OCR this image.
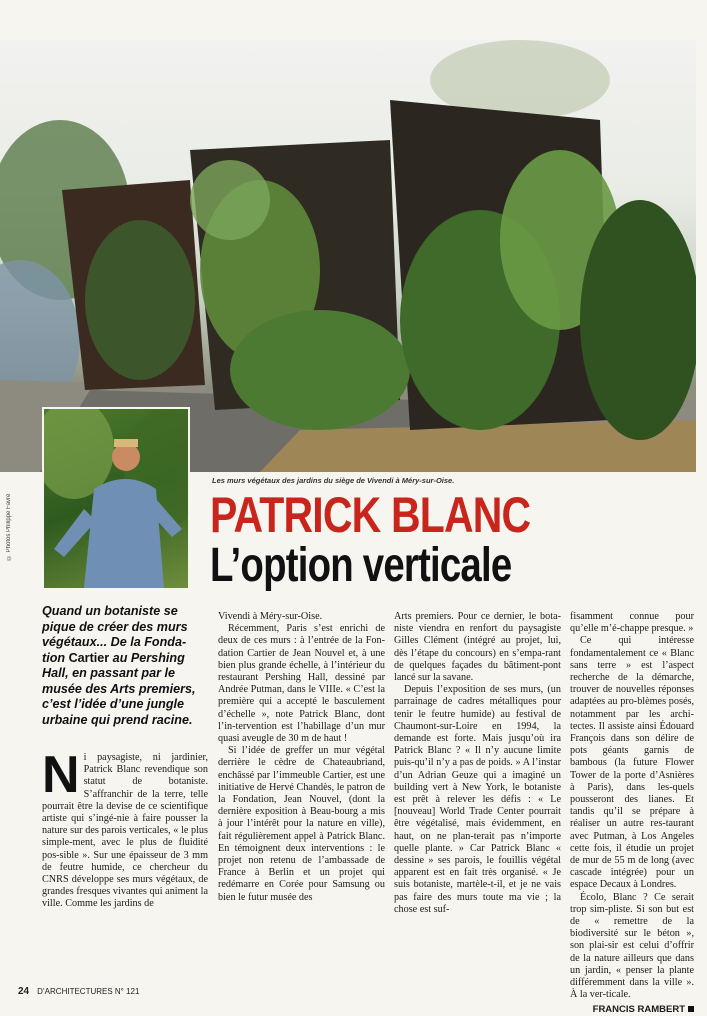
Les murs végétaux des jardins du siège de Vivendi à Méry-sur-Oise.
© Photos Philippe Favre	PATRICK BLANC
L’option verticale

Quand un botaniste se pique de créer des murs végétaux... De la Fonda-tion Cartier au Pershing Hall, en passant par le musée des Arts premiers, c’est l’idée d’une jungle urbaine qui prend racine.

Ni paysagiste, ni jardinier, Patrick Blanc revendique son statut de botaniste. S’affranchir de la terre, telle pourrait être la devise de ce scientifique artiste qui s’ingé-nie à faire pousser la nature sur des parois verticales, « le plus simple-ment, avec le plus de fluidité pos-sible ». Sur une épaisseur de 3 mm de feutre humide, ce chercheur du CNRS développe ses murs végétaux, de grandes fresques vivantes qui animent la ville. Comme les jardins de

Vivendi à Méry-sur-Oise.

Récemment, Paris s’est enrichi de deux de ces murs : à l’entrée de la Fon-dation Cartier de Jean Nouvel et, à une bien plus grande échelle, à l’intérieur du restaurant Pershing Hall, dessiné par Andrée Putman, dans le VIIIe. « C’est la première qui a accepté le basculement d’échelle », note Patrick Blanc, dont l’in-tervention est l’habillage d’un mur quasi aveugle de 30 m de haut !

Si l’idée de greffer un mur végétal derrière le cèdre de Chateaubriand, enchâssé par l’immeuble Cartier, est une initiative de Hervé Chandès, le patron de la Fondation, Jean Nouvel, (dont la dernière exposition à Beau-bourg a mis à jour l’intérêt pour la nature en ville), fait régulièrement appel à Patrick Blanc. En témoignent deux interventions : le projet non retenu de l’ambassade de France à Berlin et un projet qui redémarre en Corée pour Samsung ou bien le futur musée des

Arts premiers. Pour ce dernier, le bota-niste viendra en renfort du paysagiste Gilles Clément (intégré au projet, lui, dès l’étape du concours) en s’empa-rant de quelques façades du bâtiment-pont lancé sur la savane.

Depuis l’exposition de ses murs, (un parrainage de cadres métalliques pour tenir le feutre humide) au festival de Chaumont-sur-Loire en 1994, la demande est forte. Mais jusqu’où ira Patrick Blanc ? « Il n’y aucune limite puis-qu’il n’y a pas de poids. » A l’instar d’un Adrian Geuze qui a imaginé un building vert à New York, le botaniste est prêt à relever les défis : « Le [nouveau] World Trade Center pourrait être végétalisé, mais évidemment, en haut, on ne plan-terait pas n’importe quelle plante. » Car Patrick Blanc « dessine » ses parois, le fouillis végétal apparent est en fait très organisé. « Je suis botaniste, martèle-t-il, et je ne vais pas faire des murs toute ma vie ; la chose est suf-

fisamment connue pour qu’elle m’é-chappe presque. »

Ce qui intéresse fondamentalement ce « Blanc sans terre » est l’aspect recherche de la démarche, trouver de nouvelles réponses adaptées au pro-blèmes posés, notamment par les archi-tectes. Il assiste ainsi Édouard François dans son délire de pots géants garnis de bambous (la future Flower Tower de la porte d’Asnières à Paris), dans les-quels pousseront des lianes. Et tandis qu’il se prépare à réaliser un autre res-taurant avec Putman, à Los Angeles cette fois, il étudie un projet de mur de 55 m de long (avec cascade intégrée) pour un espace Decaux à Londres.

Écolo, Blanc ? Ce serait trop sim-pliste. Si son but est de « remettre de la biodiversité sur le béton », son plai-sir est celui d’offrir de la nature ailleurs que dans un jardin, « penser la plante différemment dans la ville ». À la ver-ticale.

FRANCIS RAMBERT
24 D’ARCHITECTURES N° 121
